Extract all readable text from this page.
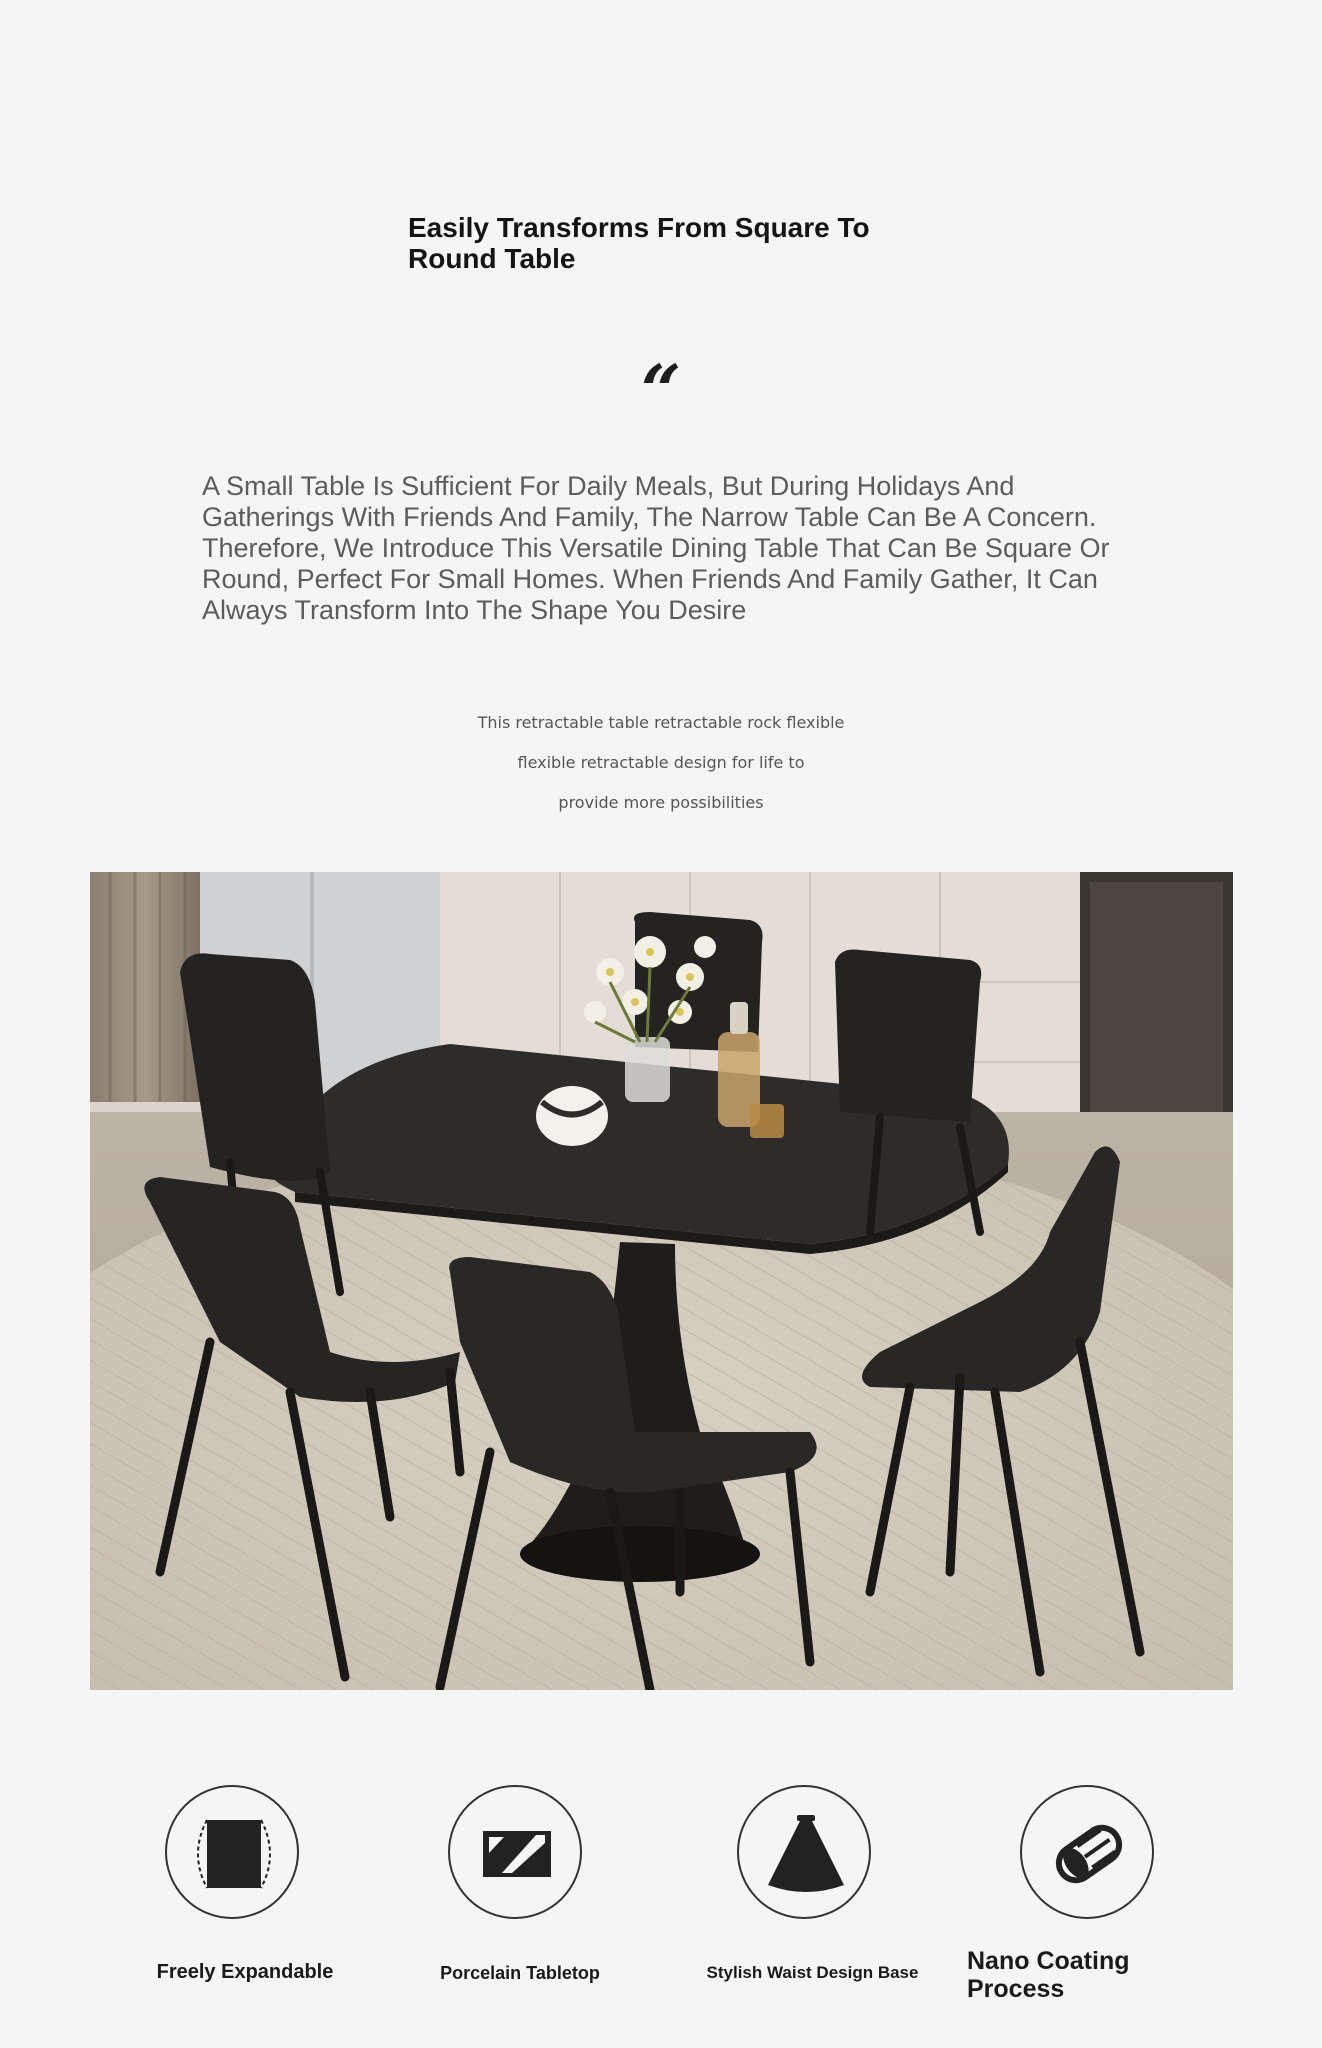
Easily Transforms From Square To Round Table
“
A Small Table Is Sufficient For Daily Meals, But During Holidays And Gatherings With Friends And Family, The Narrow Table Can Be A Concern. Therefore, We Introduce This Versatile Dining Table That Can Be Square Or Round, Perfect For Small Homes. When Friends And Family Gather, It Can Always Transform Into The Shape You Desire
This retractable table retractable rock flexible
flexible retractable design for life to
provide more possibilities
Freely Expandable	Porcelain Tabletop	Stylish Waist Design Base	Nano Coating Process
